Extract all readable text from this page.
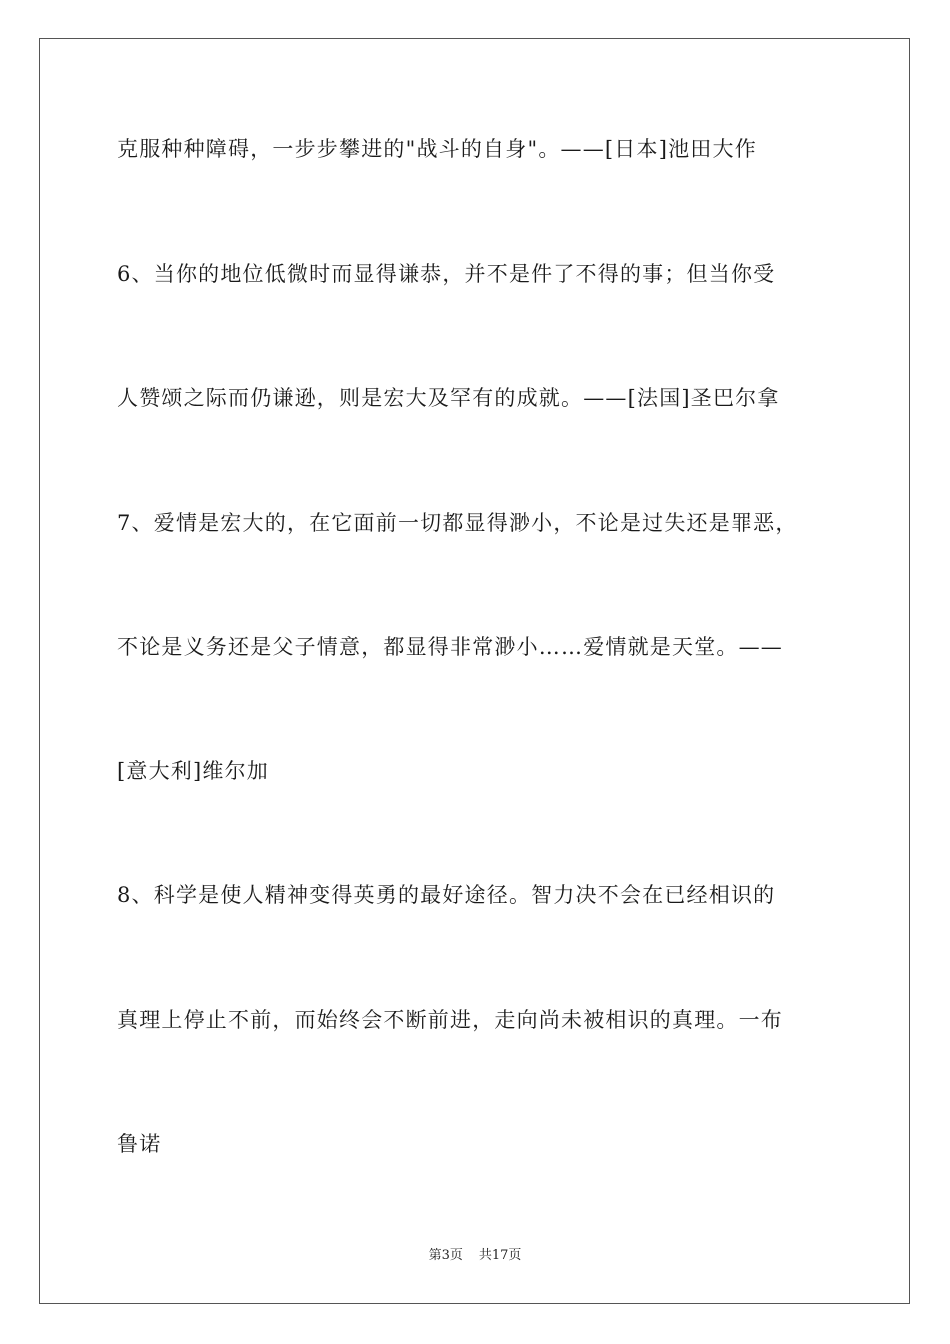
克服种种障碍，一步步攀进的"战斗的自身"。——[日本]池田大作
6、当你的地位低微时而显得谦恭，并不是件了不得的事；但当你受
人赞颂之际而仍谦逊，则是宏大及罕有的成就。——[法国]圣巴尔拿
7、爱情是宏大的，在它面前一切都显得渺小，不论是过失还是罪恶，
不论是义务还是父子情意，都显得非常渺小……爱情就是天堂。——
[意大利]维尔加
8、科学是使人精神变得英勇的最好途径。智力决不会在已经相识的
真理上停止不前，而始终会不断前进，走向尚未被相识的真理。一布
鲁诺
第3页 共17页
